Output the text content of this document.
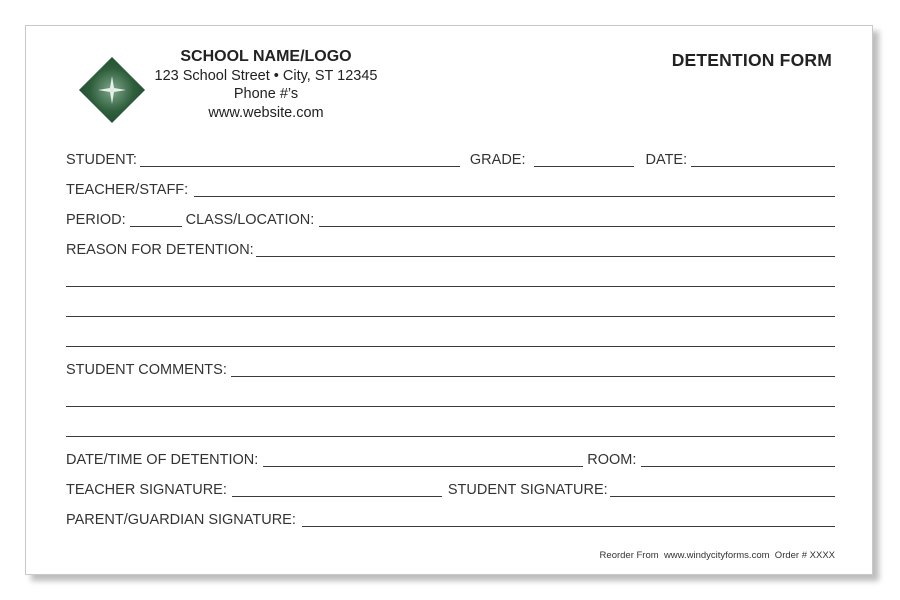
SCHOOL NAME/LOGO
123 School Street • City, ST 12345
Phone #’s
www.website.com
DETENTION FORM
STUDENT:	GRADE:	DATE:
TEACHER/STAFF:
PERIOD:	CLASS/LOCATION:
REASON FOR DETENTION:
STUDENT COMMENTS:
DATE/TIME OF DETENTION:	ROOM:
TEACHER SIGNATURE:	STUDENT SIGNATURE:
PARENT/GUARDIAN SIGNATURE:
Reorder From  www.windycityforms.com  Order # XXXX
